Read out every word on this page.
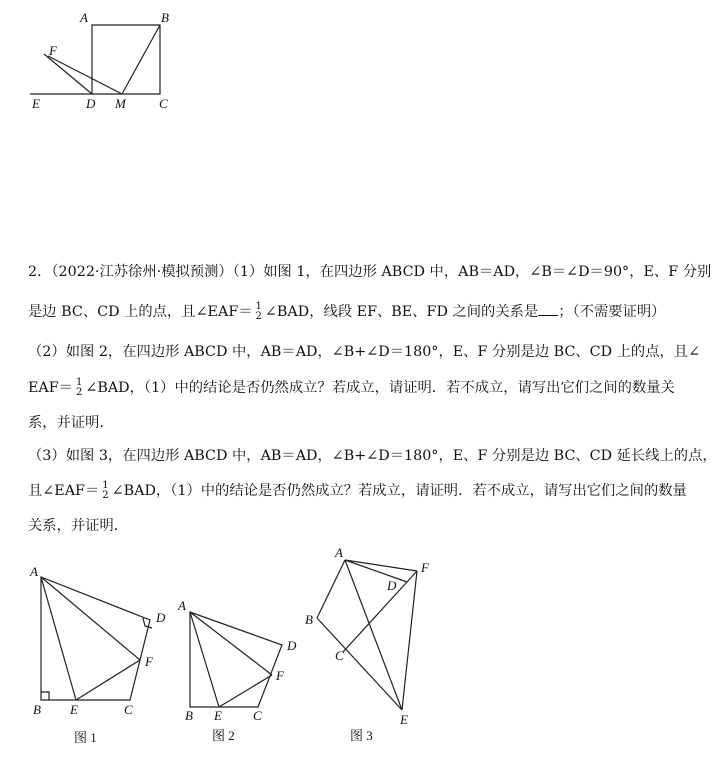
A	B
C
D
E
F
M
A
B	C
D
E
F
图 1
A
B	C
D
E
F
图 2
A
B
C
D
E
F
图 3
2．（2022·江苏徐州·模拟预测）（1）如图 1，在四边形 ABCD 中，AB＝AD，∠B＝∠D＝90°，E、F 分别
是边 BC、CD 上的点，且∠EAF＝ 1
2 ∠BAD，线段 EF、BE、FD 之间的关系是 ；（不需要证明）
（2）如图 2，在四边形 ABCD 中，AB＝AD，∠B+∠D＝180°，E、F 分别是边 BC、CD 上的点，且∠
EAF＝ 1
2 ∠BAD，（1）中的结论是否仍然成立？若成立，请证明．若不成立，请写出它们之间的数量关
系，并证明．
（3）如图 3，在四边形 ABCD 中，AB＝AD，∠B+∠D＝180°，E、F 分别是边 BC、CD 延长线上的点，
且∠EAF＝ 1
2 ∠BAD，（1）中的结论是否仍然成立？若成立，请证明．若不成立，请写出它们之间的数量
关系，并证明．
